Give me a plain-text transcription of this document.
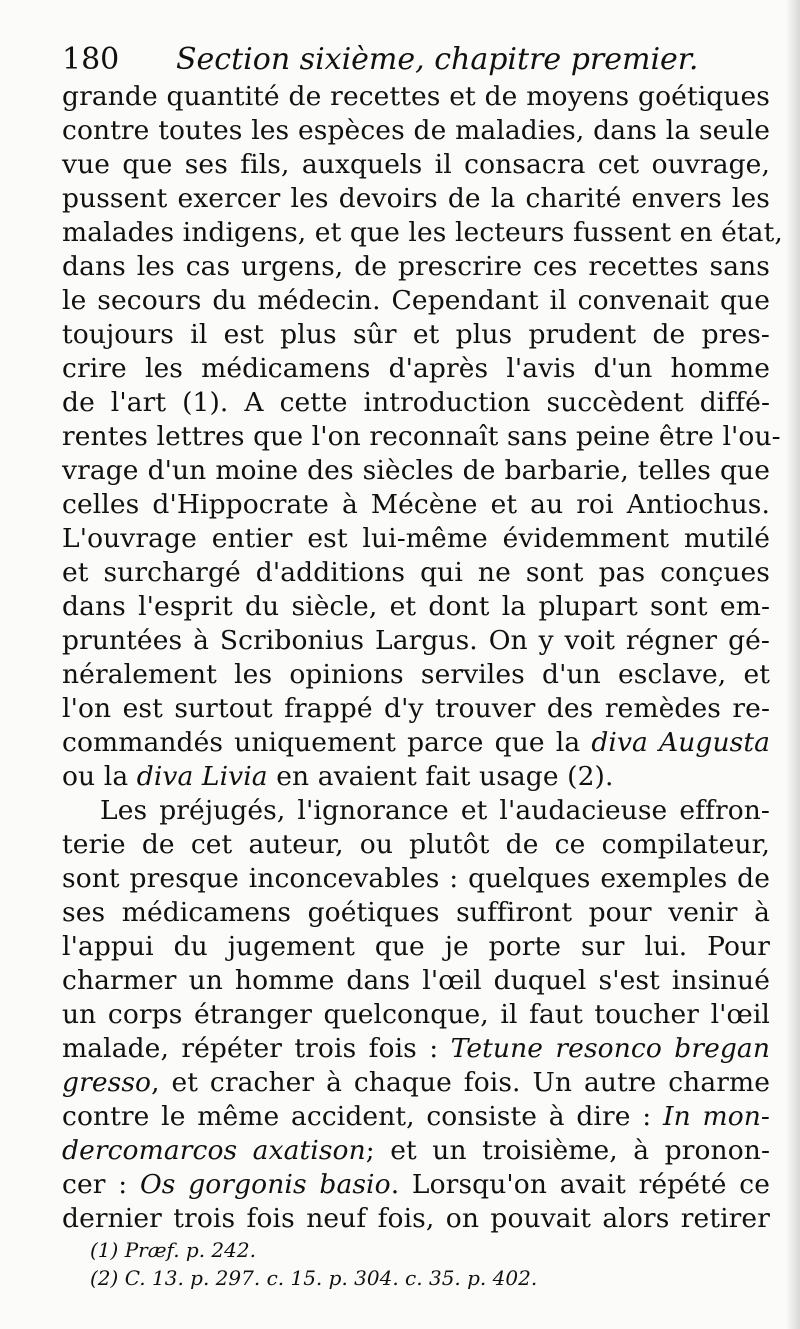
180 Section sixième, chapitre premier.
grande quantité de recettes et de moyens goétiques
contre toutes les espèces de maladies, dans la seule
vue que ses fils, auxquels il consacra cet ouvrage,
pussent exercer les devoirs de la charité envers les
malades indigens, et que les lecteurs fussent en état,
dans les cas urgens, de prescrire ces recettes sans
le secours du médecin. Cependant il convenait que
toujours il est plus sûr et plus prudent de pres-
crire les médicamens d'après l'avis d'un homme
de l'art (1). A cette introduction succèdent diffé-
rentes lettres que l'on reconnaît sans peine être l'ou-
vrage d'un moine des siècles de barbarie, telles que
celles d'Hippocrate à Mécène et au roi Antiochus.
L'ouvrage entier est lui-même évidemment mutilé
et surchargé d'additions qui ne sont pas conçues
dans l'esprit du siècle, et dont la plupart sont em-
pruntées à Scribonius Largus. On y voit régner gé-
néralement les opinions serviles d'un esclave, et
l'on est surtout frappé d'y trouver des remèdes re-
commandés uniquement parce que la diva Augusta
ou la diva Livia en avaient fait usage (2).
Les préjugés, l'ignorance et l'audacieuse effron-
terie de cet auteur, ou plutôt de ce compilateur,
sont presque inconcevables : quelques exemples de
ses médicamens goétiques suffiront pour venir à
l'appui du jugement que je porte sur lui. Pour
charmer un homme dans l'œil duquel s'est insinué
un corps étranger quelconque, il faut toucher l'œil
malade, répéter trois fois : Tetune resonco bregan
gresso, et cracher à chaque fois. Un autre charme
contre le même accident, consiste à dire : In mon-
dercomarcos axatison; et un troisième, à pronon-
cer : Os gorgonis basio. Lorsqu'on avait répété ce
dernier trois fois neuf fois, on pouvait alors retirer
(1) Præf. p. 242.
(2) C. 13. p. 297. c. 15. p. 304. c. 35. p. 402.
